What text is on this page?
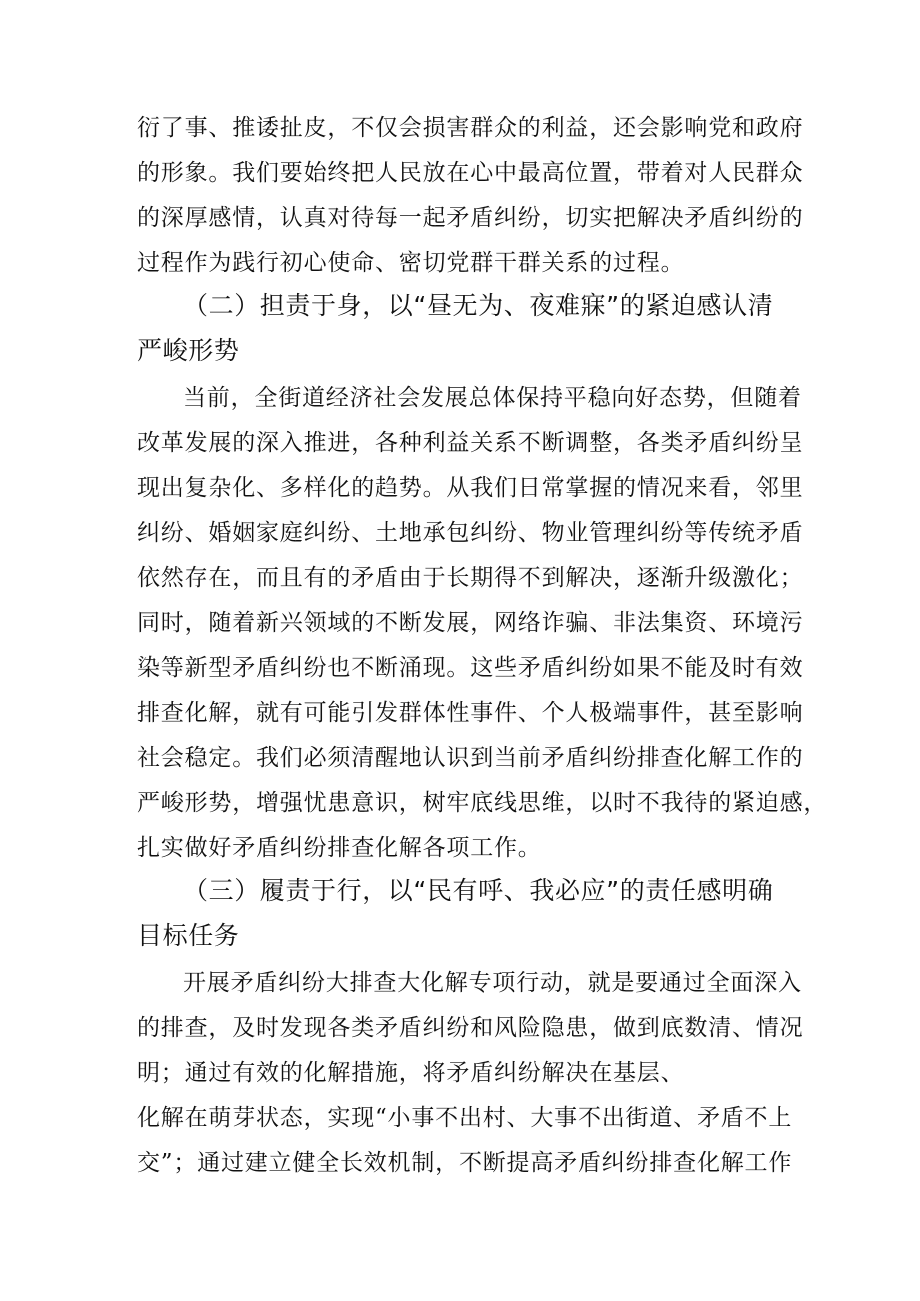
衍了事、推诿扯皮，不仅会损害群众的利益，还会影响党和政府
的形象。我们要始终把人民放在心中最高位置，带着对人民群众
的深厚感情，认真对待每一起矛盾纠纷，切实把解决矛盾纠纷的
过程作为践行初心使命、密切党群干群关系的过程。
（二）担责于身，以“昼无为、夜难寐”的紧迫感认清
严峻形势
当前，全街道经济社会发展总体保持平稳向好态势，但随着
改革发展的深入推进，各种利益关系不断调整，各类矛盾纠纷呈
现出复杂化、多样化的趋势。从我们日常掌握的情况来看，邻里
纠纷、婚姻家庭纠纷、土地承包纠纷、物业管理纠纷等传统矛盾
依然存在，而且有的矛盾由于长期得不到解决，逐渐升级激化；
同时，随着新兴领域的不断发展，网络诈骗、非法集资、环境污
染等新型矛盾纠纷也不断涌现。这些矛盾纠纷如果不能及时有效
排查化解，就有可能引发群体性事件、个人极端事件，甚至影响
社会稳定。我们必须清醒地认识到当前矛盾纠纷排查化解工作的
严峻形势，增强忧患意识，树牢底线思维，以时不我待的紧迫感，
扎实做好矛盾纠纷排查化解各项工作。
（三）履责于行，以“民有呼、我必应”的责任感明确
目标任务
开展矛盾纠纷大排查大化解专项行动，就是要通过全面深入
的排查，及时发现各类矛盾纠纷和风险隐患，做到底数清、情况
明；通过有效的化解措施，将矛盾纠纷解决在基层、
化解在萌芽状态，实现“小事不出村、大事不出街道、矛盾不上
交”；通过建立健全长效机制，不断提高矛盾纠纷排查化解工作
